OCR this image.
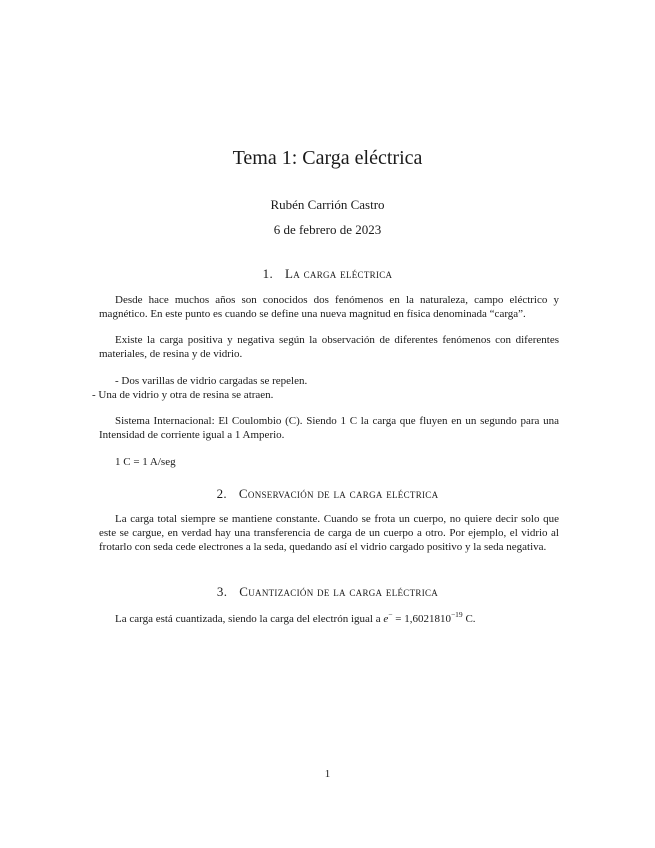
Tema 1: Carga eléctrica
Rubén Carrión Castro
6 de febrero de 2023
1. La carga eléctrica

Desde hace muchos años son conocidos dos fenómenos en la naturaleza, campo eléctrico y magnético. En este punto es cuando se define una nueva magnitud en física denominada “carga”.

Existe la carga positiva y negativa según la observación de diferentes fenómenos con diferentes materiales, de resina y de vidrio.

- Dos varillas de vidrio cargadas se repelen.
- Una de vidrio y otra de resina se atraen.

Sistema Internacional: El Coulombio (C). Siendo 1 C la carga que fluyen en un segundo para una Intensidad de corriente igual a 1 Amperio.

1 C = 1 A/seg
2. Conservación de la carga eléctrica

La carga total siempre se mantiene constante. Cuando se frota un cuerpo, no quiere decir solo que este se cargue, en verdad hay una transferencia de carga de un cuerpo a otro. Por ejemplo, el vidrio al frotarlo con seda cede electrones a la seda, quedando así el vidrio cargado positivo y la seda negativa.

3. Cuantización de la carga eléctrica
La carga está cuantizada, siendo la carga del electrón igual a $e^- = 1,6021810^{-19}$ C.
1
